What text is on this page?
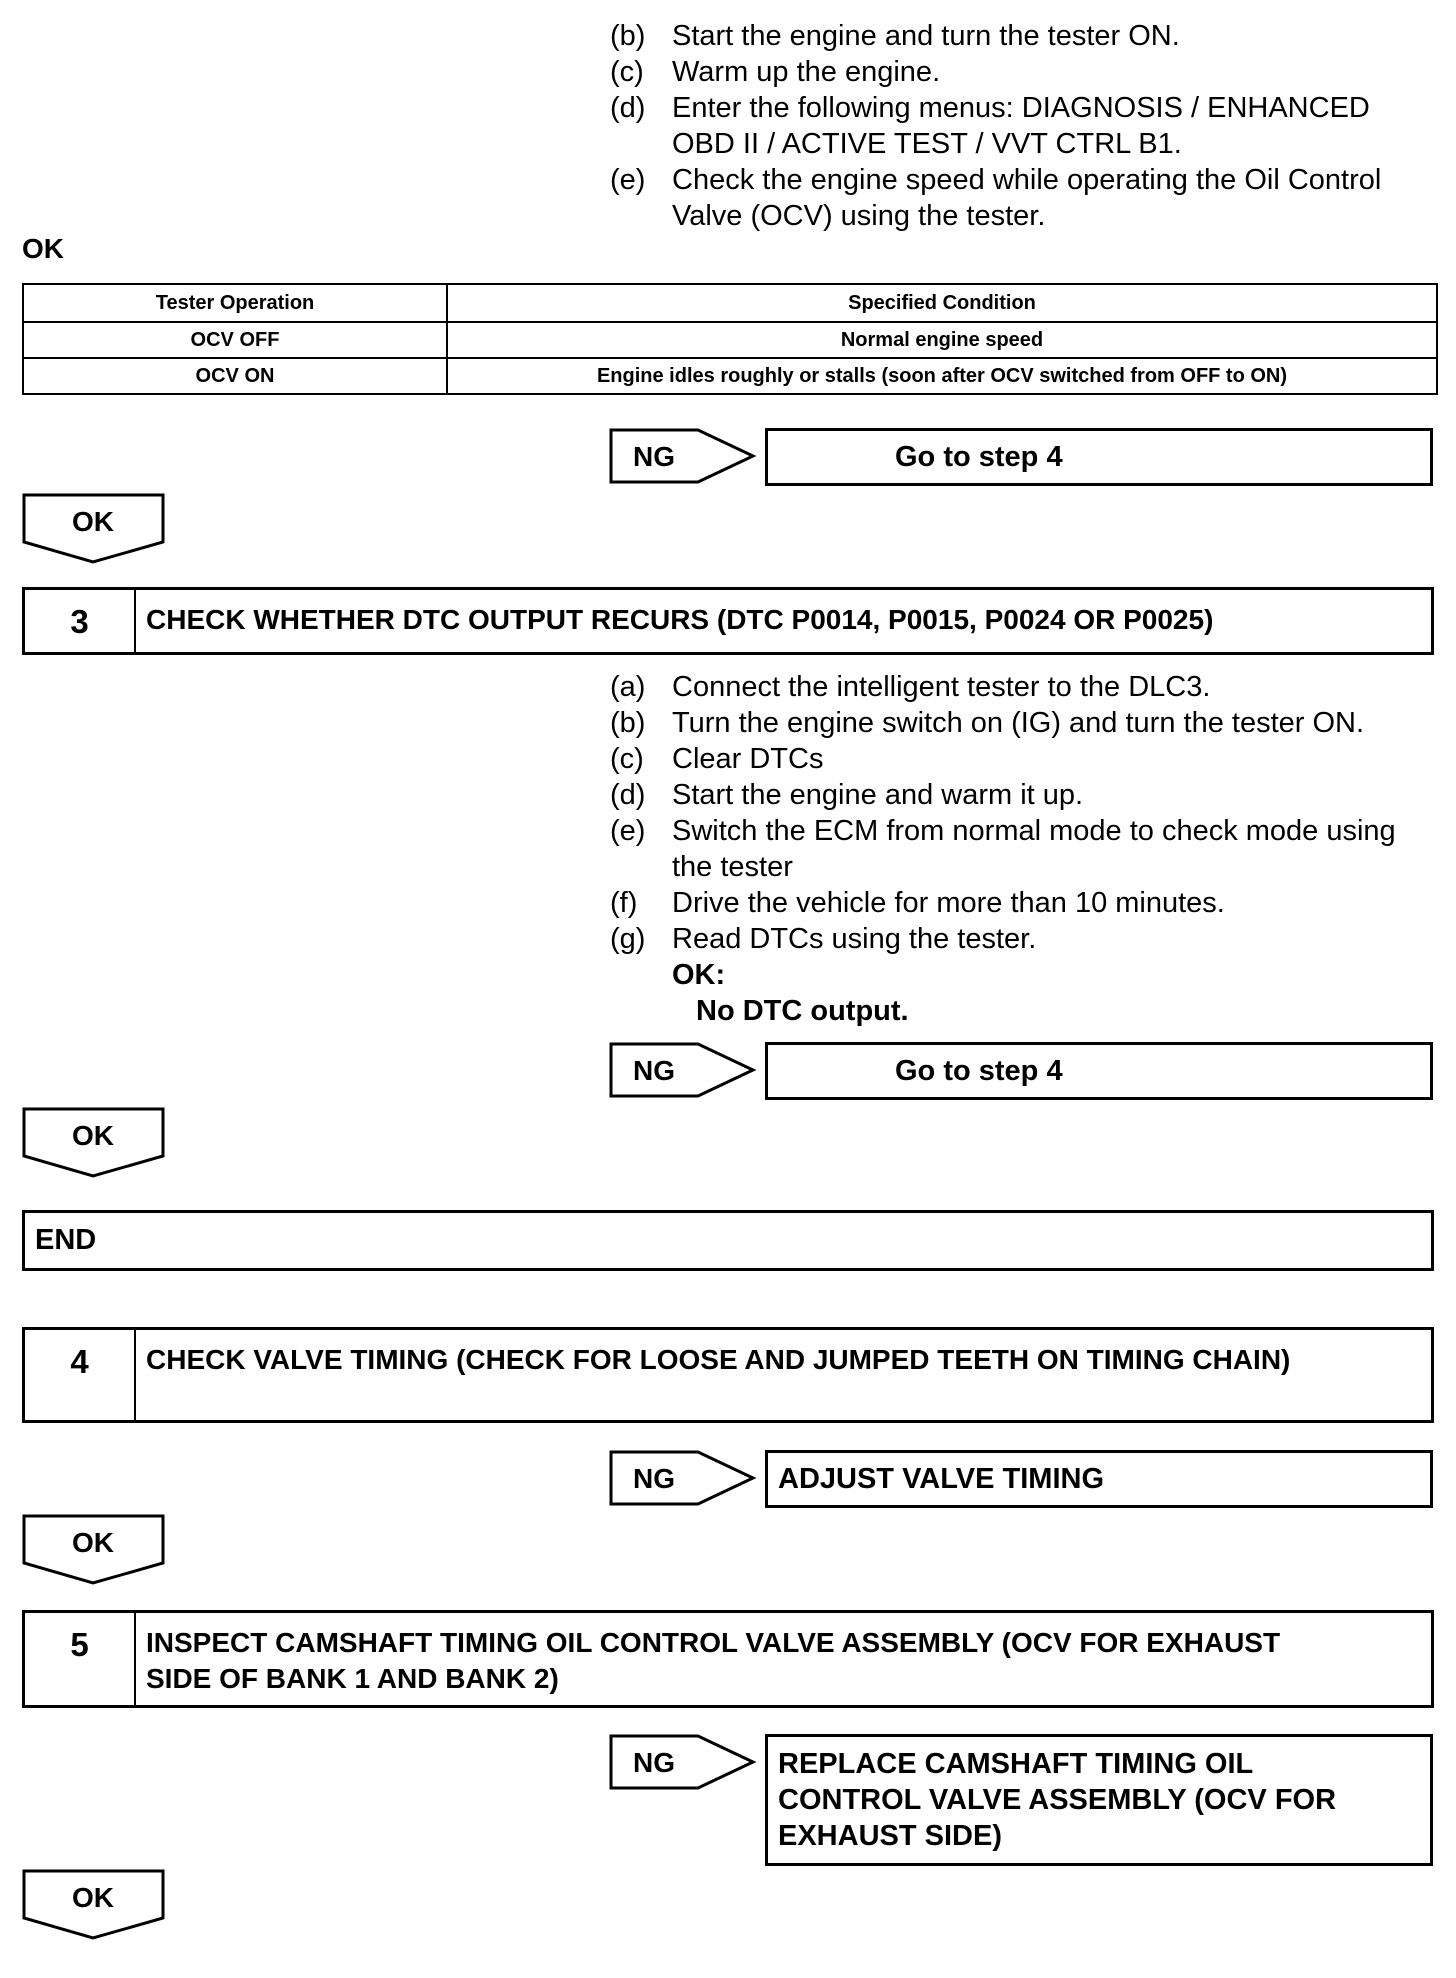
(b) Start the engine and turn the tester ON.
(c) Warm up the engine.
(d) Enter the following menus: DIAGNOSIS / ENHANCED
OBD II / ACTIVE TEST / VVT CTRL B1.
(e) Check the engine speed while operating the Oil Control
Valve (OCV) using the tester.
OK
Tester Operation	Specified Condition
OCV OFF	Normal engine speed
OCV ON	Engine idles roughly or stalls (soon after OCV switched from OFF to ON)
NG	Go to step 4
OK
3	CHECK WHETHER DTC OUTPUT RECURS (DTC P0014, P0015, P0024 OR P0025)
(a) Connect the intelligent tester to the DLC3.
(b) Turn the engine switch on (IG) and turn the tester ON.
(c) Clear DTCs
(d) Start the engine and warm it up.
(e) Switch the ECM from normal mode to check mode using
the tester
(f) Drive the vehicle for more than 10 minutes.
(g) Read DTCs using the tester.
OK:
No DTC output.
NG	Go to step 4
OK
END
4	CHECK VALVE TIMING (CHECK FOR LOOSE AND JUMPED TEETH ON TIMING CHAIN)
NG	ADJUST VALVE TIMING
OK
5	INSPECT CAMSHAFT TIMING OIL CONTROL VALVE ASSEMBLY (OCV FOR EXHAUST
SIDE OF BANK 1 AND BANK 2)
NG	REPLACE CAMSHAFT TIMING OIL
CONTROL VALVE ASSEMBLY (OCV FOR
EXHAUST SIDE)
OK
